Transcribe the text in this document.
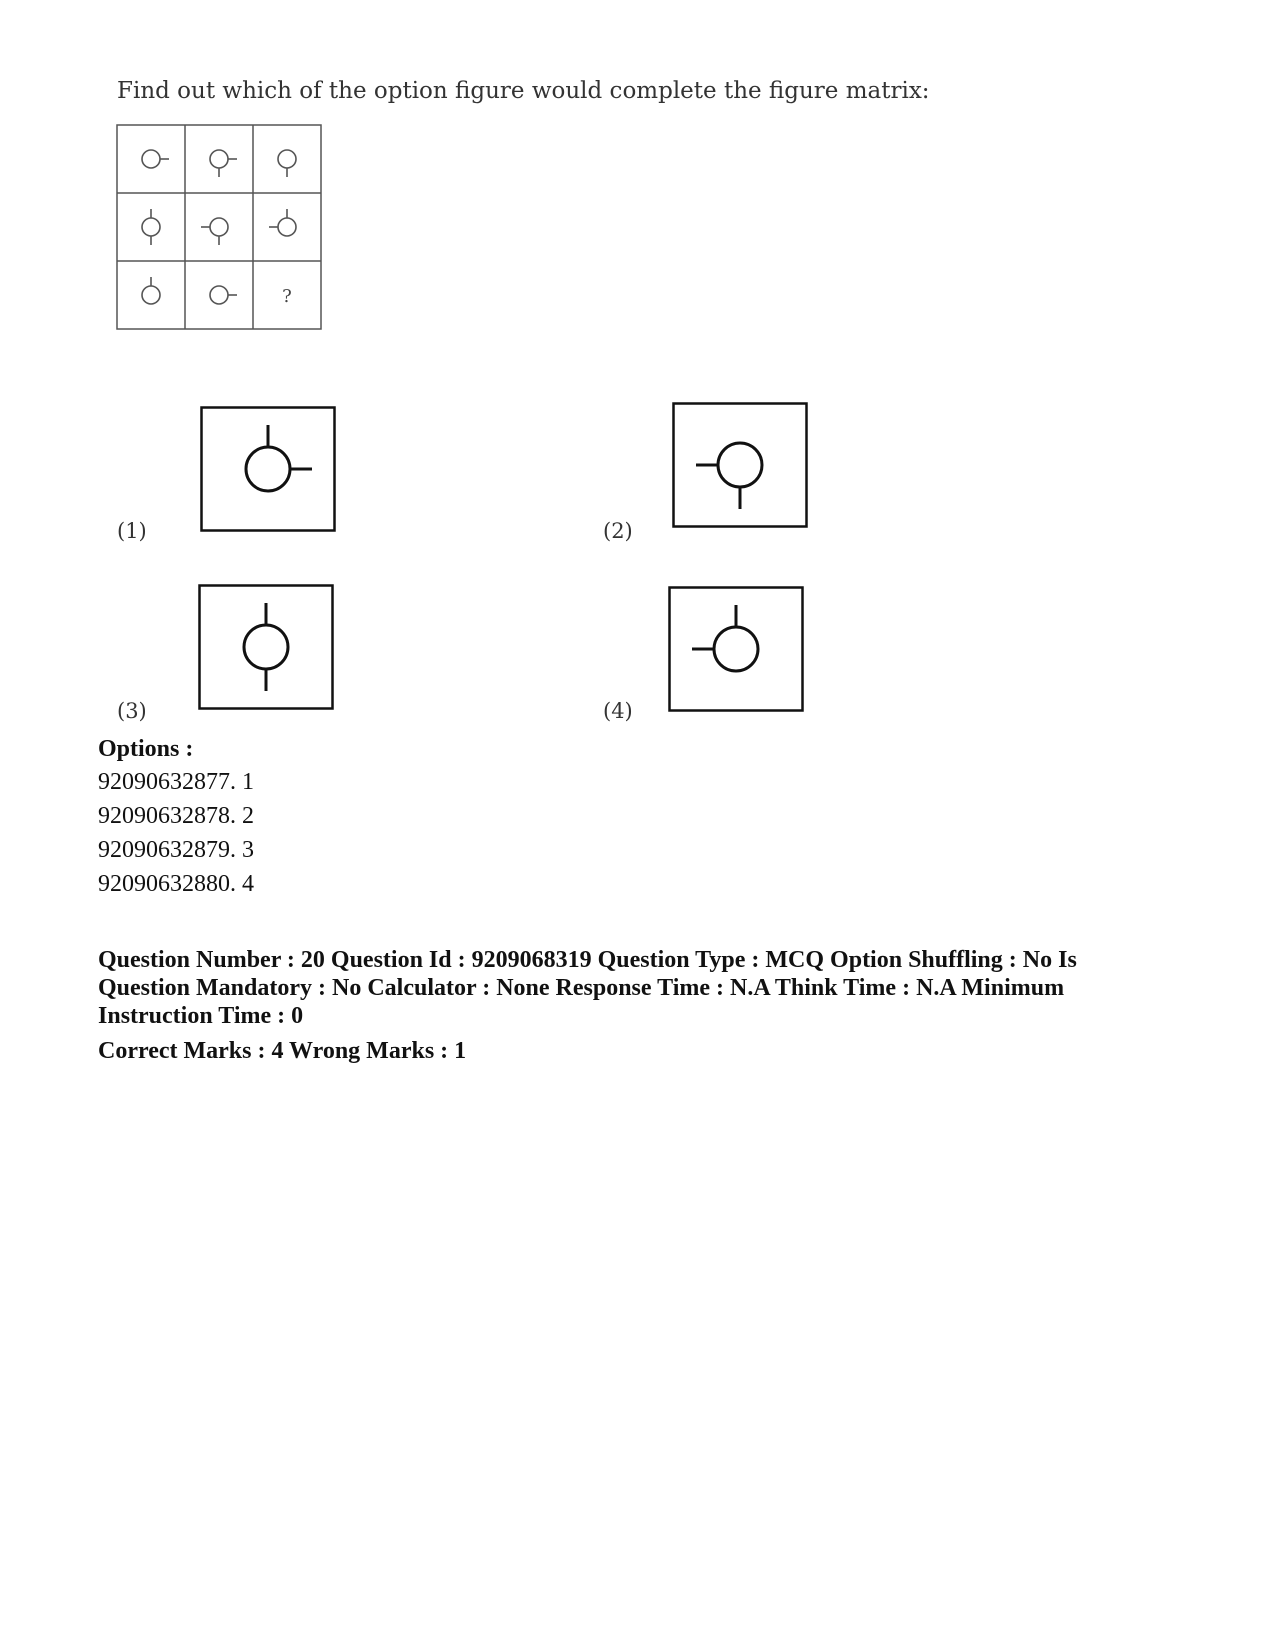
Find out which of the option figure would complete the figure matrix:
?
(1)	(2)
(3)	(4)
Options :
92090632877. 1
92090632878. 2
92090632879. 3
92090632880. 4
Question Number : 20 Question Id : 9209068319 Question Type : MCQ Option Shuffling : No Is
Question Mandatory : No Calculator : None Response Time : N.A Think Time : N.A Minimum
Instruction Time : 0
Correct Marks : 4 Wrong Marks : 1
